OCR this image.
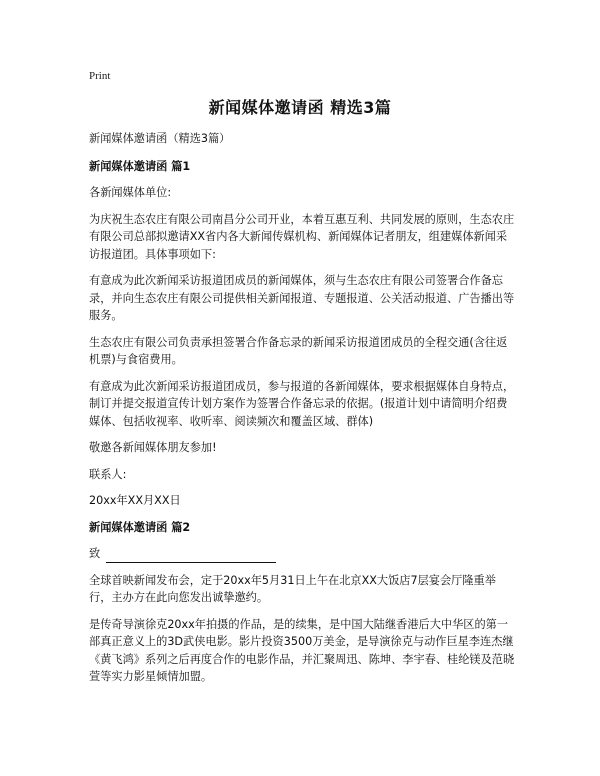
Print
新闻媒体邀请函 精选3篇

新闻媒体邀请函（精选3篇）

新闻媒体邀请函 篇1

各新闻媒体单位:

为庆祝生态农庄有限公司南昌分公司开业，本着互惠互利、共同发展的原则，生态农庄有限公司总部拟邀请XX省内各大新闻传媒机构、新闻媒体记者朋友，组建媒体新闻采访报道团。具体事项如下:

有意成为此次新闻采访报道团成员的新闻媒体，须与生态农庄有限公司签署合作备忘录，并向生态农庄有限公司提供相关新闻报道、专题报道、公关活动报道、广告播出等服务。

生态农庄有限公司负责承担签署合作备忘录的新闻采访报道团成员的全程交通(含往返机票)与食宿费用。

有意成为此次新闻采访报道团成员，参与报道的各新闻媒体，要求根据媒体自身特点，制订并提交报道宣传计划方案作为签署合作备忘录的依据。(报道计划中请简明介绍费媒体、包括收视率、收听率、阅读频次和覆盖区域、群体)

敬邀各新闻媒体朋友参加!

联系人:

20xx年XX月XX日

新闻媒体邀请函 篇2

致

全球首映新闻发布会，定于20xx年5月31日上午在北京XX大饭店7层宴会厅隆重举行，主办方在此向您发出诚挚邀约。

是传奇导演徐克20xx年拍摄的作品，是的续集，是中国大陆继香港后大中华区的第一部真正意义上的3D武侠电影。影片投资3500万美金，是导演徐克与动作巨星李连杰继《黄飞鸿》系列之后再度合作的电影作品，并汇聚周迅、陈坤、李宇春、桂纶镁及范晓萱等实力影星倾情加盟。
